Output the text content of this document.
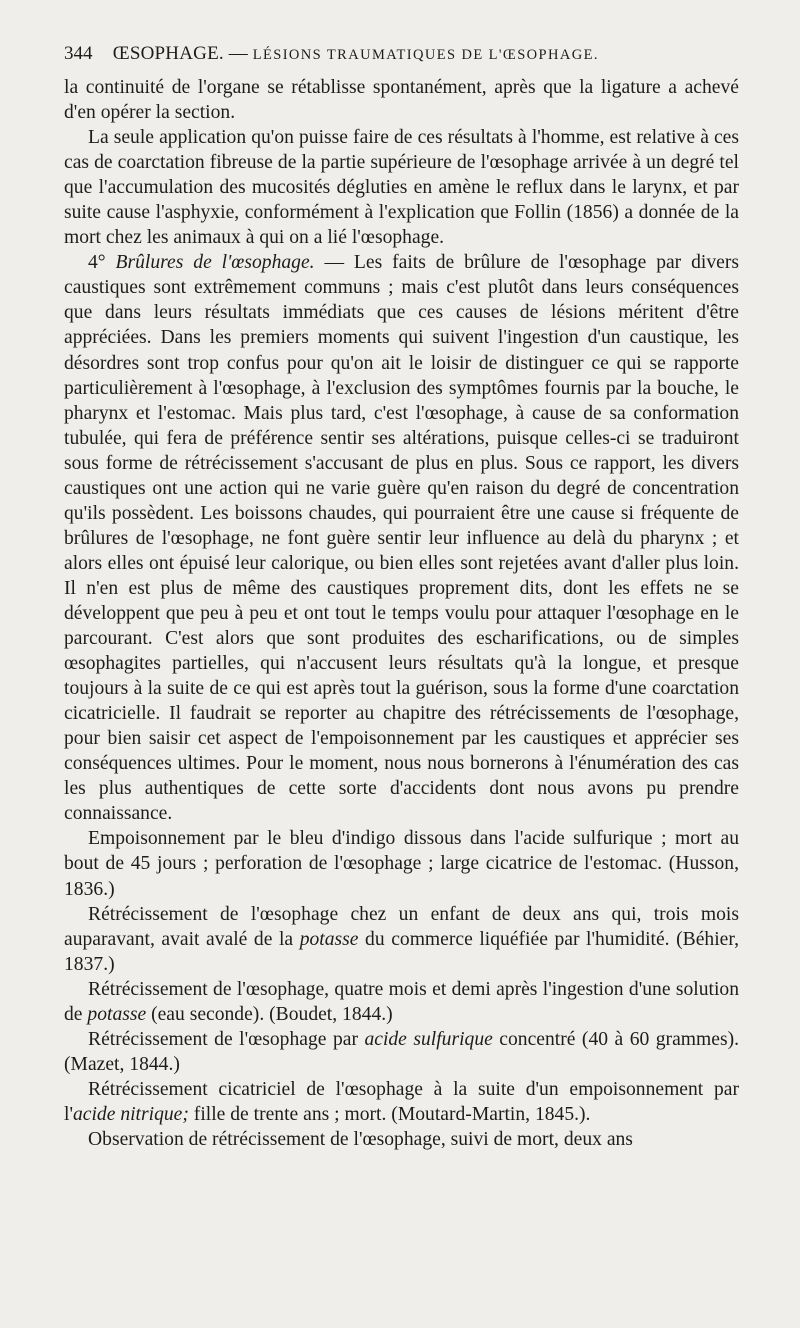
344 ŒSOPHAGE. — LÉSIONS TRAUMATIQUES DE L'ŒSOPHAGE.

la continuité de l'organe se rétablisse spontanément, après que la ligature a achevé d'en opérer la section.

La seule application qu'on puisse faire de ces résultats à l'homme, est relative à ces cas de coarctation fibreuse de la partie supérieure de l'œsophage arrivée à un degré tel que l'accumulation des mucosités dégluties en amène le reflux dans le larynx, et par suite cause l'asphyxie, conformément à l'explication que Follin (1856) a donnée de la mort chez les animaux à qui on a lié l'œsophage.

4° Brûlures de l'œsophage. — Les faits de brûlure de l'œsophage par divers caustiques sont extrêmement communs ; mais c'est plutôt dans leurs conséquences que dans leurs résultats immédiats que ces causes de lésions méritent d'être appréciées. Dans les premiers moments qui suivent l'ingestion d'un caustique, les désordres sont trop confus pour qu'on ait le loisir de distinguer ce qui se rapporte particulièrement à l'œsophage, à l'exclusion des symptômes fournis par la bouche, le pharynx et l'estomac. Mais plus tard, c'est l'œsophage, à cause de sa conformation tubulée, qui fera de préférence sentir ses altérations, puisque celles-ci se traduiront sous forme de rétrécissement s'accusant de plus en plus. Sous ce rapport, les divers caustiques ont une action qui ne varie guère qu'en raison du degré de concentration qu'ils possèdent. Les boissons chaudes, qui pourraient être une cause si fréquente de brûlures de l'œsophage, ne font guère sentir leur influence au delà du pharynx ; et alors elles ont épuisé leur calorique, ou bien elles sont rejetées avant d'aller plus loin. Il n'en est plus de même des caustiques proprement dits, dont les effets ne se développent que peu à peu et ont tout le temps voulu pour attaquer l'œsophage en le parcourant. C'est alors que sont produites des escharifications, ou de simples œsophagites partielles, qui n'accusent leurs résultats qu'à la longue, et presque toujours à la suite de ce qui est après tout la guérison, sous la forme d'une coarctation cicatricielle. Il faudrait se reporter au chapitre des rétrécissements de l'œsophage, pour bien saisir cet aspect de l'empoisonnement par les caustiques et apprécier ses conséquences ultimes. Pour le moment, nous nous bornerons à l'énumération des cas les plus authentiques de cette sorte d'accidents dont nous avons pu prendre connaissance.

Empoisonnement par le bleu d'indigo dissous dans l'acide sulfurique ; mort au bout de 45 jours ; perforation de l'œsophage ; large cicatrice de l'estomac. (Husson, 1836.)

Rétrécissement de l'œsophage chez un enfant de deux ans qui, trois mois auparavant, avait avalé de la potasse du commerce liquéfiée par l'humidité. (Béhier, 1837.)

Rétrécissement de l'œsophage, quatre mois et demi après l'ingestion d'une solution de potasse (eau seconde). (Boudet, 1844.)

Rétrécissement de l'œsophage par acide sulfurique concentré (40 à 60 grammes). (Mazet, 1844.)

Rétrécissement cicatriciel de l'œsophage à la suite d'un empoisonnement par l'acide nitrique; fille de trente ans ; mort. (Moutard-Martin, 1845.).

Observation de rétrécissement de l'œsophage, suivi de mort, deux ans
